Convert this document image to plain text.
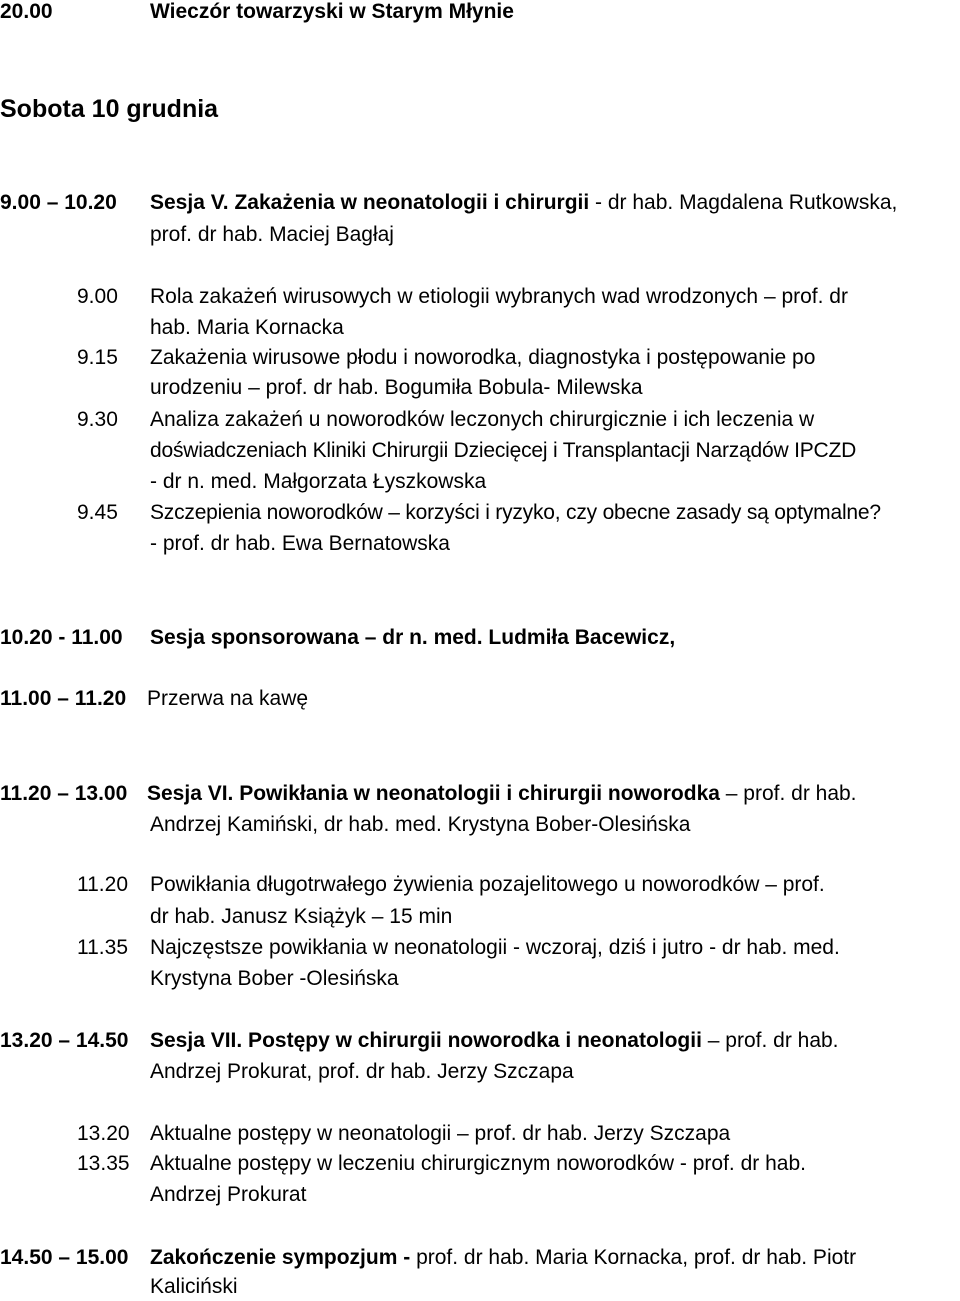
20.00	Wieczór towarzyski w Starym Młynie
Sobota 10 grudnia
9.00 – 10.20 Sesja V. Zakażenia w neonatologii i chirurgii - dr hab. Magdalena Rutkowska,
prof. dr hab. Maciej Bagłaj
9.00 Rola zakażeń wirusowych w etiologii wybranych wad wrodzonych – prof. dr
hab. Maria Kornacka
9.15 Zakażenia wirusowe płodu i noworodka, diagnostyka i postępowanie po
urodzeniu – prof. dr hab. Bogumiła Bobula- Milewska
9.30 Analiza zakażeń u noworodków leczonych chirurgicznie i ich leczenia w
doświadczeniach Kliniki Chirurgii Dziecięcej i Transplantacji Narządów IPCZD
- dr n. med. Małgorzata Łyszkowska
9.45 Szczepienia noworodków – korzyści i ryzyko, czy obecne zasady są optymalne?
- prof. dr hab. Ewa Bernatowska
10.20 - 11.00 Sesja sponsorowana – dr n. med. Ludmiła Bacewicz,
11.00 – 11.20 Przerwa na kawę
11.20 – 13.00 Sesja VI. Powikłania w neonatologii i chirurgii noworodka – prof. dr hab.
Andrzej Kamiński, dr hab. med. Krystyna Bober-Olesińska
11.20 Powikłania długotrwałego żywienia pozajelitowego u noworodków – prof.
dr hab. Janusz Książyk – 15 min
11.35 Najczęstsze powikłania w neonatologii - wczoraj, dziś i jutro - dr hab. med.
Krystyna Bober -Olesińska
13.20 – 14.50 Sesja VII. Postępy w chirurgii noworodka i neonatologii – prof. dr hab.
Andrzej Prokurat, prof. dr hab. Jerzy Szczapa
13.20 Aktualne postępy w neonatologii – prof. dr hab. Jerzy Szczapa
13.35 Aktualne postępy w leczeniu chirurgicznym noworodków - prof. dr hab.
Andrzej Prokurat
14.50 – 15.00 Zakończenie sympozjum - prof. dr hab. Maria Kornacka, prof. dr hab. Piotr
Kaliciński
